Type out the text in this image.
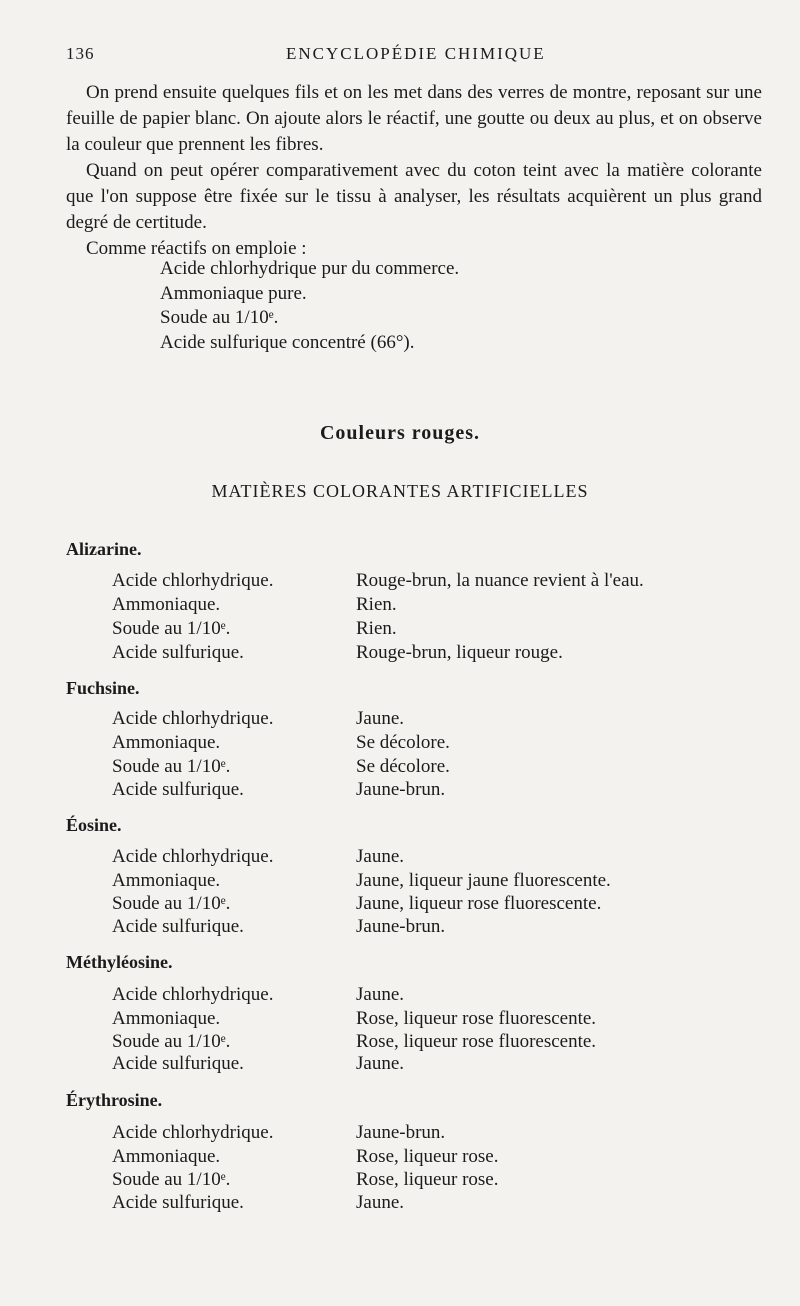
136	ENCYCLOPÉDIE CHIMIQUE

On prend ensuite quelques fils et on les met dans des verres de montre, reposant sur une feuille de papier blanc. On ajoute alors le réactif, une goutte ou deux au plus, et on observe la couleur que prennent les fibres.

Quand on peut opérer comparativement avec du coton teint avec la matière colorante que l'on suppose être fixée sur le tissu à analyser, les résultats acquièrent un plus grand degré de certitude.

Comme réactifs on emploie :

Acide chlorhydrique pur du commerce.
Ammoniaque pure.
Soude au 1/10ᵉ.
Acide sulfurique concentré (66°).
Couleurs rouges.
MATIÈRES COLORANTES ARTIFICIELLES
Alizarine.
Acide chlorhydrique.	Rouge-brun, la nuance revient à l'eau.
Ammoniaque.	Rien.
Soude au 1/10ᵉ.	Rien.
Acide sulfurique.	Rouge-brun, liqueur rouge.
Fuchsine.
Acide chlorhydrique.	Jaune.
Ammoniaque.	Se décolore.
Soude au 1/10ᵉ.	Se décolore.
Acide sulfurique.	Jaune-brun.
Éosine.
Acide chlorhydrique.	Jaune.
Ammoniaque.	Jaune, liqueur jaune fluorescente.
Soude au 1/10ᵉ.	Jaune, liqueur rose fluorescente.
Acide sulfurique.	Jaune-brun.
Méthyléosine.
Acide chlorhydrique.	Jaune.
Ammoniaque.	Rose, liqueur rose fluorescente.
Soude au 1/10ᵉ.	Rose, liqueur rose fluorescente.
Acide sulfurique.	Jaune.
Érythrosine.
Acide chlorhydrique.	Jaune-brun.
Ammoniaque.	Rose, liqueur rose.
Soude au 1/10ᵉ.	Rose, liqueur rose.
Acide sulfurique.	Jaune.
